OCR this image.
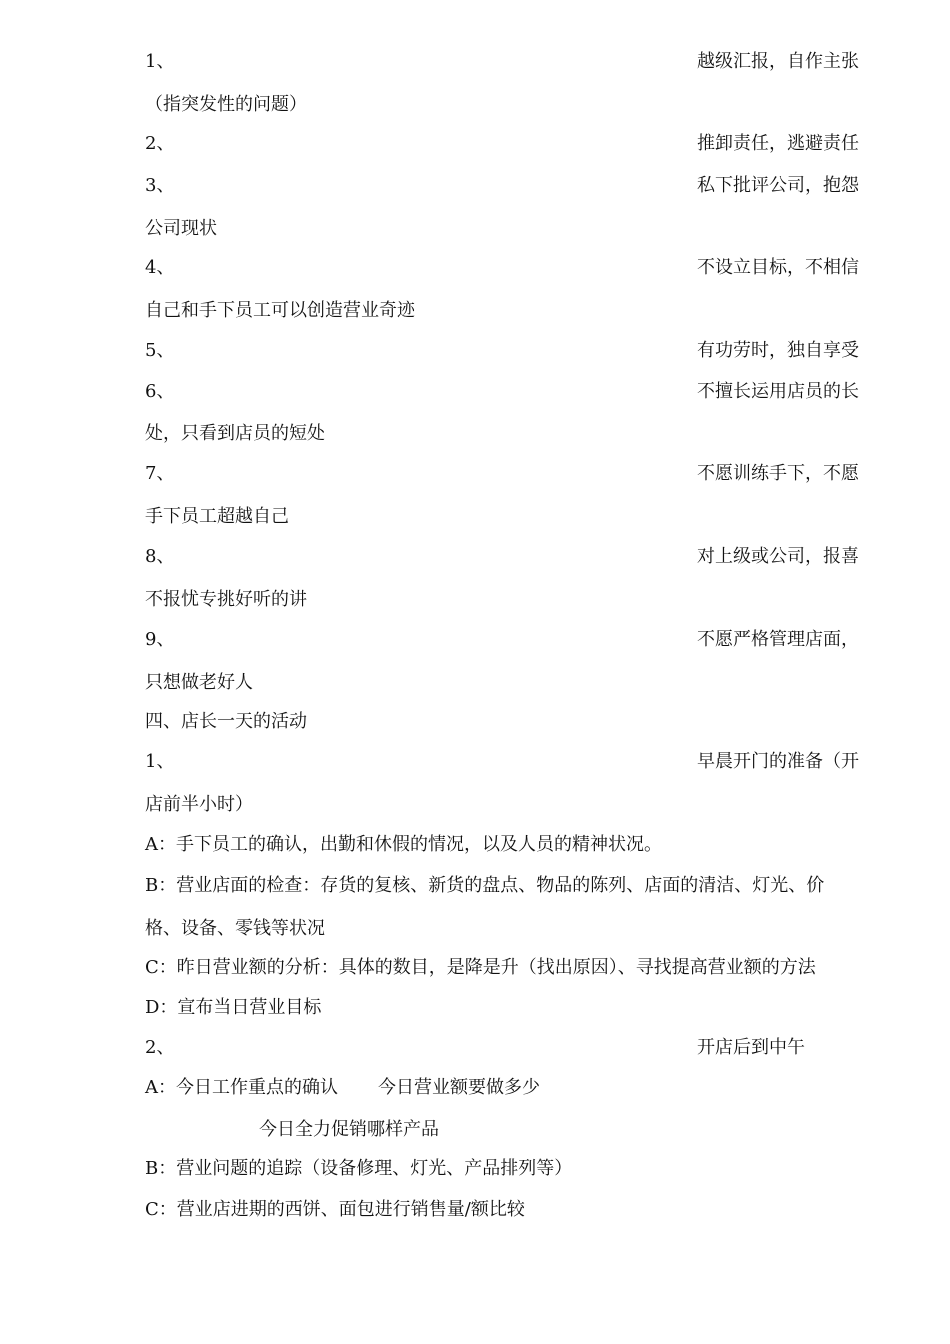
1、	越级汇报，自作主张
（指突发性的问题）
2、	推卸责任，逃避责任
3、	私下批评公司，抱怨
公司现状
4、	不设立目标，不相信
自己和手下员工可以创造营业奇迹
5、	有功劳时，独自享受
6、	不擅长运用店员的长
处，只看到店员的短处
7、	不愿训练手下，不愿
手下员工超越自己
8、	对上级或公司，报喜
不报忧专挑好听的讲
9、	不愿严格管理店面，
只想做老好人
四、店长一天的活动
1、	早晨开门的准备（开
店前半小时）
A：手下员工的确认，出勤和休假的情况，以及人员的精神状况。
B：营业店面的检查：存货的复核、新货的盘点、物品的陈列、店面的清洁、灯光、价
格、设备、零钱等状况
C：昨日营业额的分析：具体的数目，是降是升（找出原因）、寻找提高营业额的方法
D：宣布当日营业目标
2、	开店后到中午
A：今日工作重点的确认 今日营业额要做多少
今日全力促销哪样产品
B：营业问题的追踪（设备修理、灯光、产品排列等）
C：营业店进期的西饼、面包进行销售量/额比较
